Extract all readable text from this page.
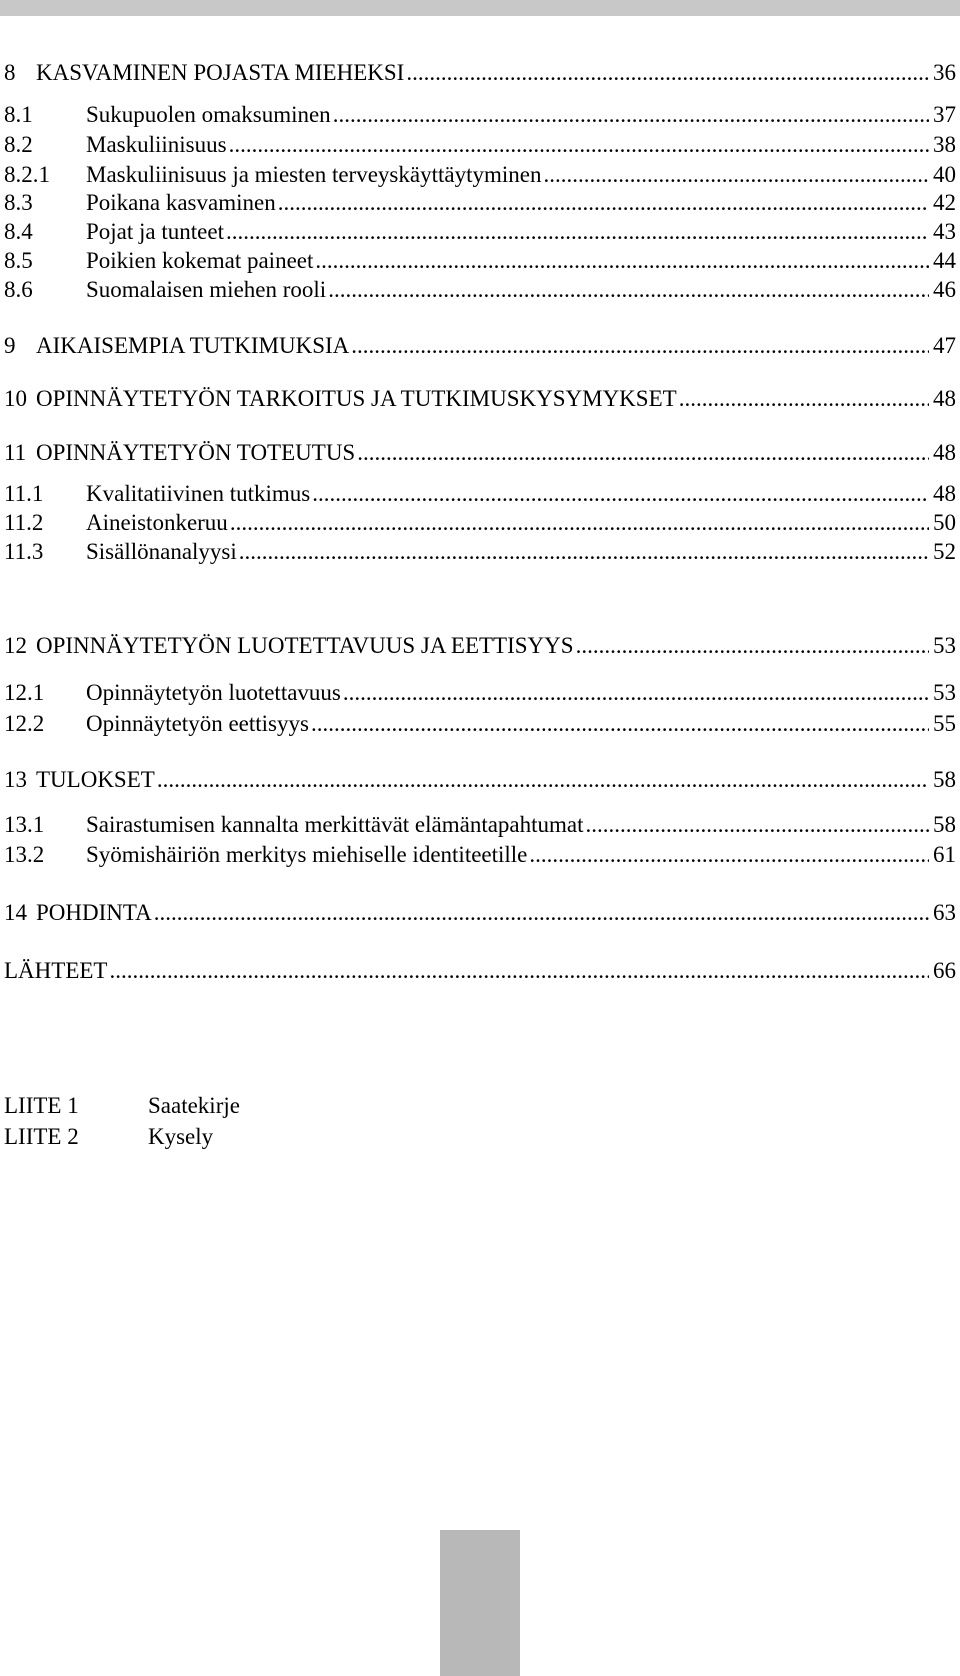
8 KASVAMINEN POJASTA MIEHEKSI .....	36
8.1	Sukupuolen omaksuminen .....	37
8.2	Maskuliinisuus .....	38
8.2.1	Maskuliinisuus ja miesten terveyskäyttäytyminen .....	40
8.3	Poikana kasvaminen .....	42
8.4	Pojat ja tunteet .....	43
8.5	Poikien kokemat paineet .....	44
8.6	Suomalaisen miehen rooli .....	46
9 AIKAISEMPIA TUTKIMUKSIA .....	47
10 OPINNÄYTETYÖN TARKOITUS JA TUTKIMUSKYSYMYKSET .....	48
11 OPINNÄYTETYÖN TOTEUTUS .....	48
11.1	Kvalitatiivinen tutkimus .....	48
11.2	Aineistonkeruu .....	50
11.3	Sisällönanalyysi .....	52
12 OPINNÄYTETYÖN LUOTETTAVUUS JA EETTISYYS .....	53
12.1	Opinnäytetyön luotettavuus .....	53
12.2	Opinnäytetyön eettisyys .....	55
13 TULOKSET .....	58
13.1	Sairastumisen kannalta merkittävät elämäntapahtumat .....	58
13.2	Syömishäiriön merkitys miehiselle identiteetille .....	61
14 POHDINTA .....	63
LÄHTEET .....	66
LIITE 1	Saatekirje
LIITE 2	Kysely
